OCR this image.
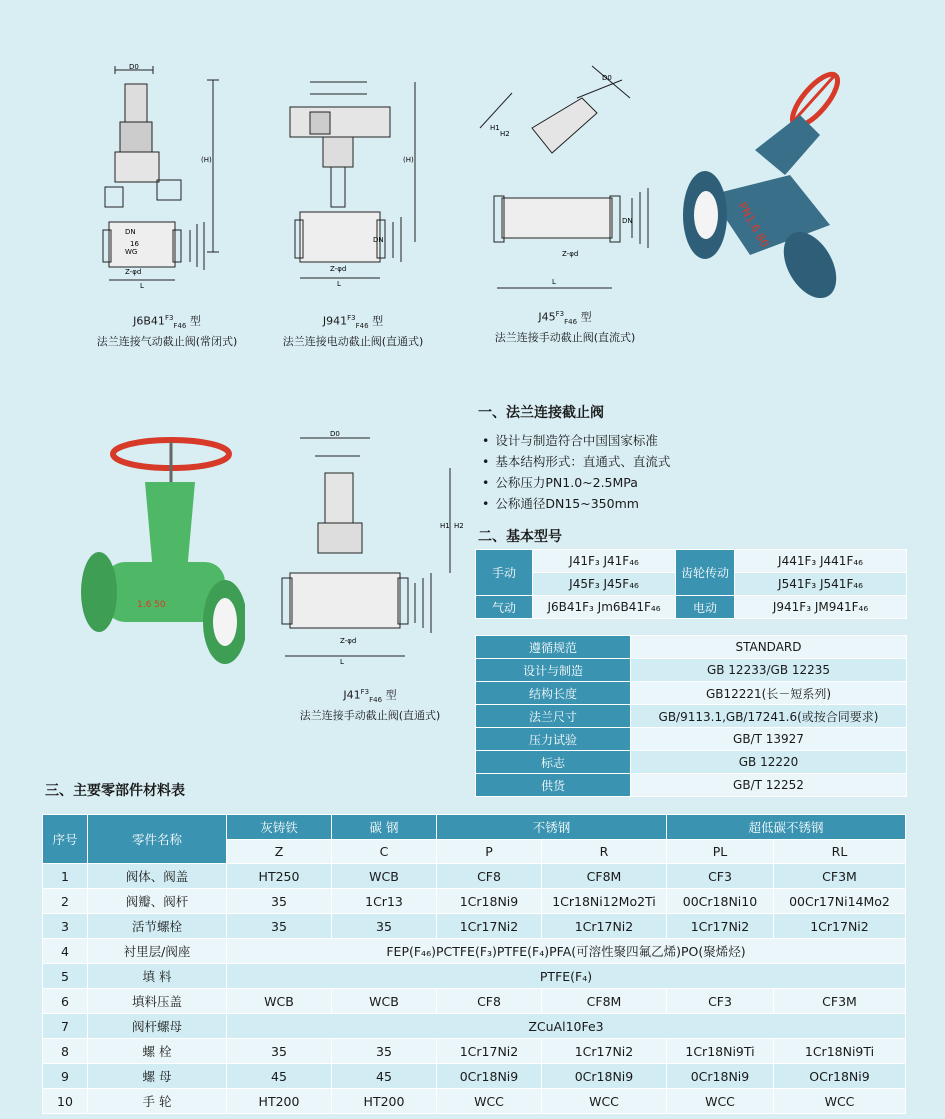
D0
(H)
DN
16
WG
Z-φd
L
(H)
DN
Z-φd
L
D0
H1
H2
DN
Z-φd
L
PN1.6 80
$J6B41^{F3}_{F46}$ 型
法兰连接气动截止阀(常闭式)
$J941^{F3}_{F46}$ 型
法兰连接电动截止阀(直通式)
$J45^{F3}_{F46}$ 型
法兰连接手动截止阀(直流式)
1.6 50
D0
H1 H2
Z-φd
L
$J41^{F3}_{F46}$ 型
法兰连接手动截止阀(直通式)
一、法兰连接截止阀
• 设计与制造符合中国国家标准
• 基本结构形式：直通式、直流式
• 公称压力PN1.0~2.5MPa
• 公称通径DN15~350mm
二、基本型号
手动	J41F₃ J41F₄₆	齿轮传动	J441F₃ J441F₄₆
	J45F₃ J45F₄₆		J541F₃ J541F₄₆
气动	J6B41F₃ Jm6B41F₄₆	电动	J941F₃ JM941F₄₆
遵循规范	STANDARD
设计与制造	GB 12233/GB 12235
结构长度	GB12221(长－短系列)
法兰尺寸	GB/9113.1,GB/17241.6(或按合同要求)
压力试验	GB/T 13927
标志	GB 12220
供货	GB/T 12252
三、主要零部件材料表
序号	零件名称	灰铸铁	碳 钢	不锈钢		超低碳不锈钢	
		Z	C	P	R	PL	RL
1	阀体、阀盖	HT250	WCB	CF8	CF8M	CF3	CF3M
2	阀瓣、阀杆	35	1Cr13	1Cr18Ni9	1Cr18Ni12Mo2Ti	00Cr18Ni10	00Cr17Ni14Mo2
3	活节螺栓	35	35	1Cr17Ni2	1Cr17Ni2	1Cr17Ni2	1Cr17Ni2
4	衬里层/阀座	FEP(F₄₆)PCTFE(F₃)PTFE(F₄)PFA(可溶性聚四氟乙烯)PO(聚烯烃)					
5	填 料	PTFE(F₄)					
6	填料压盖	WCB	WCB	CF8	CF8M	CF3	CF3M
7	阀杆螺母	ZCuAl10Fe3					
8	螺 栓	35	35	1Cr17Ni2	1Cr17Ni2	1Cr18Ni9Ti	1Cr18Ni9Ti
9	螺 母	45	45	0Cr18Ni9	0Cr18Ni9	0Cr18Ni9	OCr18Ni9
10	手 轮	HT200	HT200	WCC	WCC	WCC	WCC
